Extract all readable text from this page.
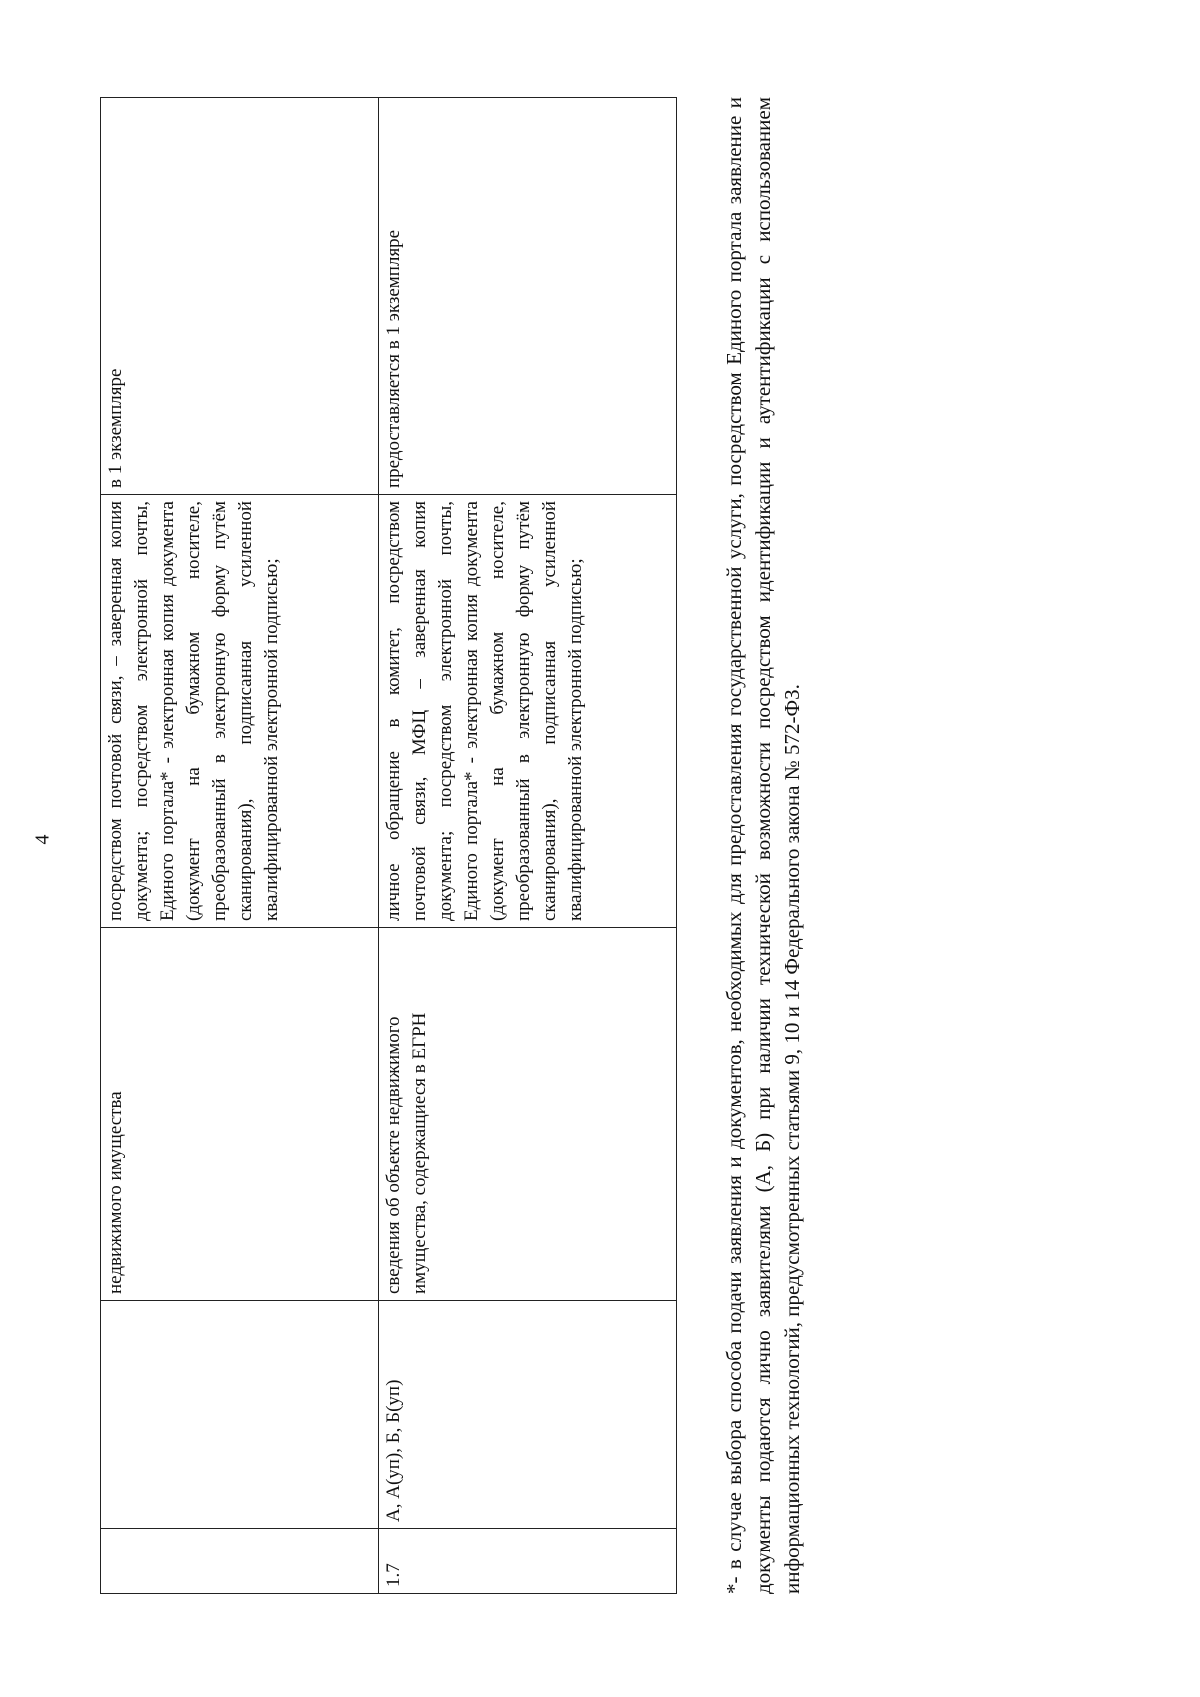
4
		недвижимого имущества	посредством почтовой связи, – заверенная копия документа; посредством электронной почты, Единого портала* - электронная копия документа (документ на бумажном носителе, преобразованный в электронную форму путём сканирования), подписанная усиленной квалифицированной электронной подписью;	в 1 экземпляре
1.7	А, А(уп), Б, Б(уп)	сведения об объекте недвижимого имущества, содержащиеся в ЕГРН	личное обращение в комитет, посредством почтовой связи, МФЦ – заверенная копия документа; посредством электронной почты, Единого портала* - электронная копия документа (документ на бумажном носителе, преобразованный в электронную форму путём сканирования), подписанная усиленной квалифицированной электронной подписью;	предоставляется в 1 экземпляре	*- в случае выбора способа подачи заявления и документов, необходимых для предоставления государственной услуги, посредством Единого портала заявление и документы подаются лично заявителями (А, Б) при наличии технической возможности посредством идентификации и аутентификации с использованием информационных технологий, предусмотренных статьями 9, 10 и 14 Федерального закона № 572-ФЗ.
